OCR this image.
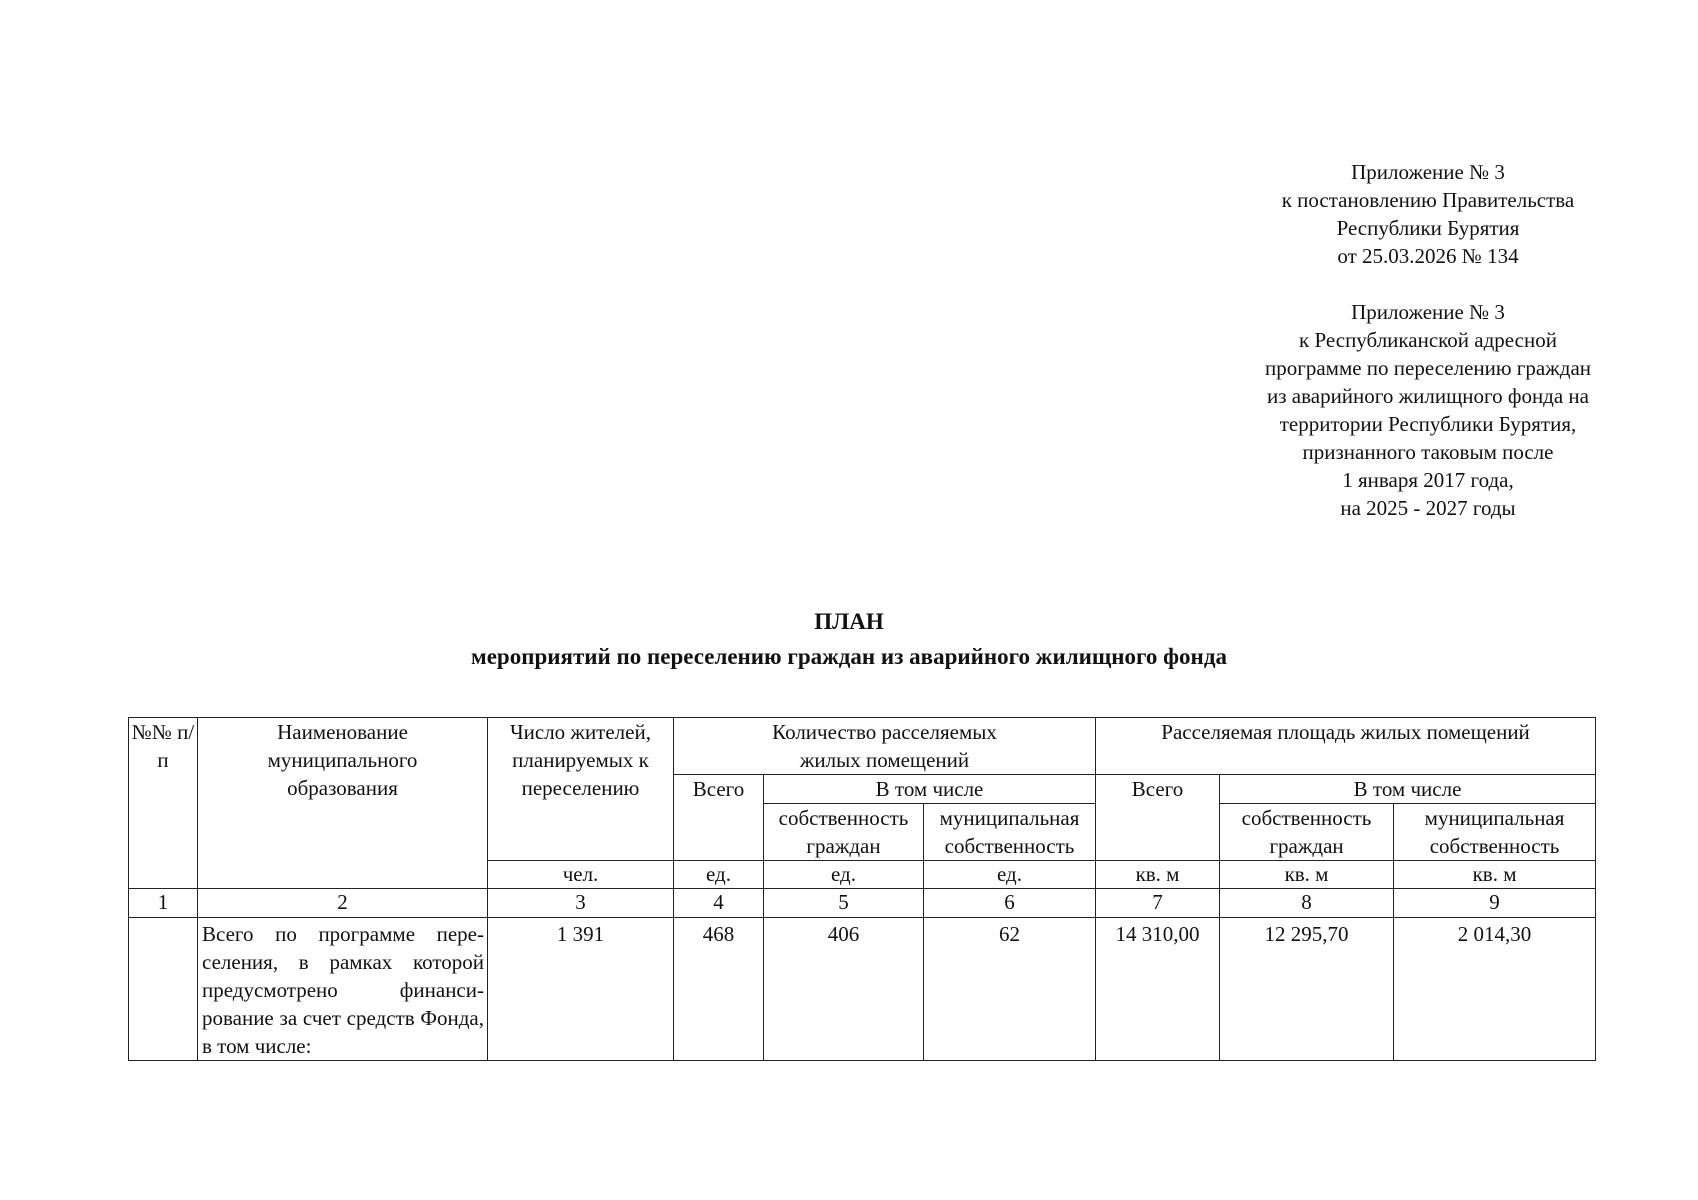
Приложение № 3
к постановлению Правительства
Республики Бурятия
от 25.03.2026 № 134
Приложение № 3
к Республиканской адресной
программе по переселению граждан
из аварийного жилищного фонда на
территории Республики Бурятия,
признанного таковым после
1 января 2017 года,
на 2025 - 2027 годы
ПЛАН
мероприятий по переселению граждан из аварийного жилищного фонда
№№ п/п	Наименование муниципального образования	Число жителей, планируемых к переселению	Количество расселяемых жилых помещений			Расселяемая площадь жилых помещений		
			Всего	В том числе		Всего	В том числе	
				собственность граждан	муниципальная собственность		собственность граждан	муниципальная собственность
		чел.	ед.	ед.	ед.	кв. м	кв. м	кв. м
1	2	3	4	5	6	7	8	9
	Всего по программе переселения, в рамках которой предусмотрено финансирование за счет средств Фонда, в том числе:	1 391	468	406	62	14 310,00	12 295,70	2 014,30
